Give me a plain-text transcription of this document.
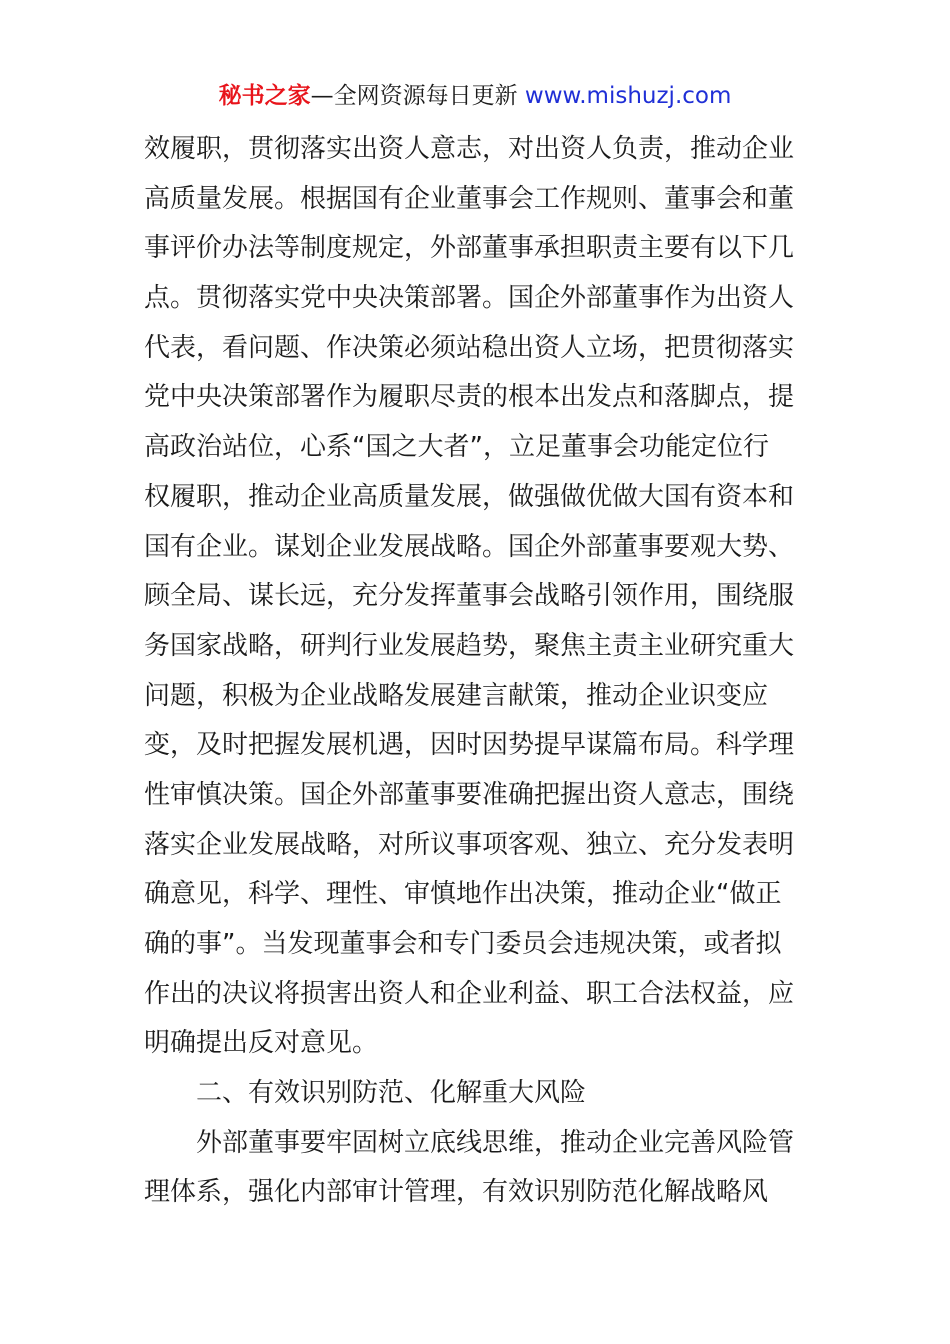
秘书之家—全网资源每日更新 www.mishuzj.com
效履职，贯彻落实出资人意志，对出资人负责，推动企业
高质量发展。根据国有企业董事会工作规则、董事会和董
事评价办法等制度规定，外部董事承担职责主要有以下几
点。贯彻落实党中央决策部署。国企外部董事作为出资人
代表，看问题、作决策必须站稳出资人立场，把贯彻落实
党中央决策部署作为履职尽责的根本出发点和落脚点，提
高政治站位，心系“国之大者”，立足董事会功能定位行
权履职，推动企业高质量发展，做强做优做大国有资本和
国有企业。谋划企业发展战略。国企外部董事要观大势、
顾全局、谋长远，充分发挥董事会战略引领作用，围绕服
务国家战略，研判行业发展趋势，聚焦主责主业研究重大
问题，积极为企业战略发展建言献策，推动企业识变应
变，及时把握发展机遇，因时因势提早谋篇布局。科学理
性审慎决策。国企外部董事要准确把握出资人意志，围绕
落实企业发展战略，对所议事项客观、独立、充分发表明
确意见，科学、理性、审慎地作出决策，推动企业“做正
确的事”。当发现董事会和专门委员会违规决策，或者拟
作出的决议将损害出资人和企业利益、职工合法权益，应
明确提出反对意见。
二、有效识别防范、化解重大风险
外部董事要牢固树立底线思维，推动企业完善风险管
理体系，强化内部审计管理，有效识别防范化解战略风
